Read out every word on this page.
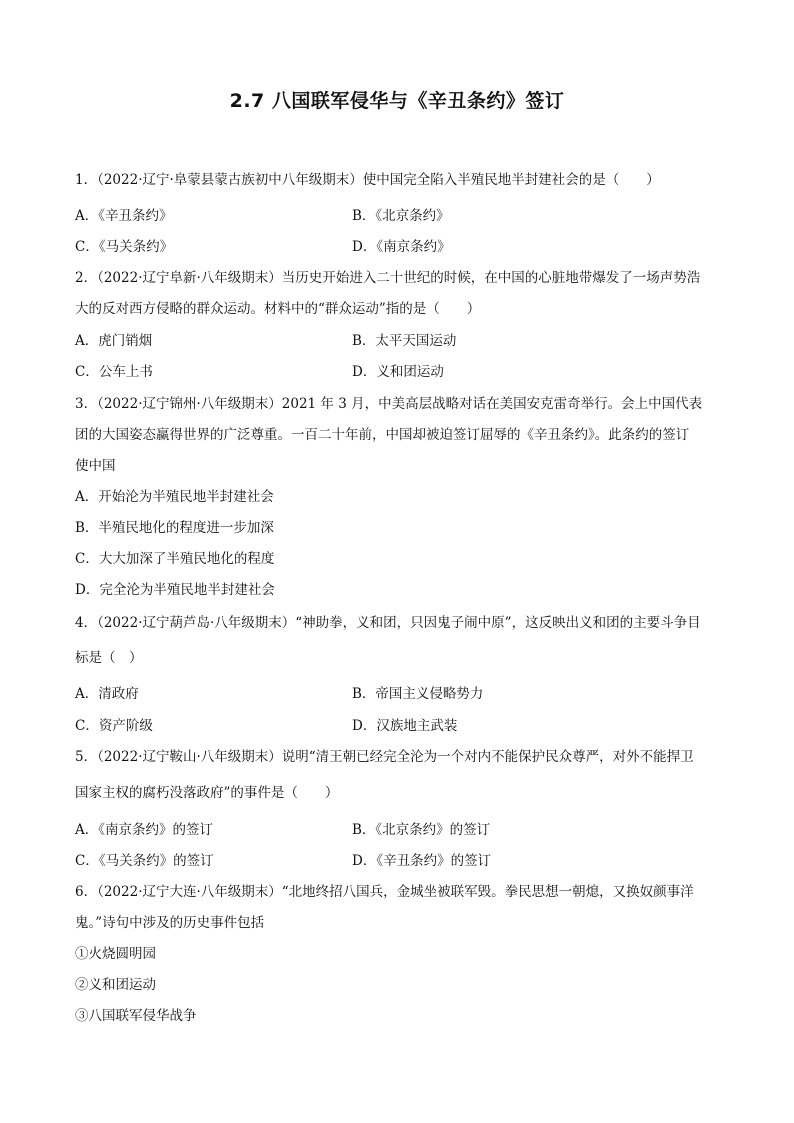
2.7 八国联军侵华与《辛丑条约》签订
1．（2022·辽宁·阜蒙县蒙古族初中八年级期末）使中国完全陷入半殖民地半封建社会的是（　　）
A．《辛丑条约》	B．《北京条约》
C．《马关条约》	D．《南京条约》
2．（2022·辽宁阜新·八年级期末）当历史开始进入二十世纪的时候，在中国的心脏地带爆发了一场声势浩
大的反对西方侵略的群众运动。材料中的“群众运动”指的是（　　）
A．虎门销烟	B．太平天国运动
C．公车上书	D．义和团运动
3．（2022·辽宁锦州·八年级期末）2021 年 3 月，中美高层战略对话在美国安克雷奇举行。会上中国代表
团的大国姿态赢得世界的广泛尊重。一百二十年前，中国却被迫签订屈辱的《辛丑条约》。此条约的签订
使中国
A．开始沦为半殖民地半封建社会
B．半殖民地化的程度进一步加深
C．大大加深了半殖民地化的程度
D．完全沦为半殖民地半封建社会
4．（2022·辽宁葫芦岛·八年级期末）“神助拳，义和团，只因鬼子闹中原”，这反映出义和团的主要斗争目
标是（　）
A．清政府	B．帝国主义侵略势力
C．资产阶级	D．汉族地主武装
5．（2022·辽宁鞍山·八年级期末）说明“清王朝已经完全沦为一个对内不能保护民众尊严，对外不能捍卫
国家主权的腐朽没落政府”的事件是（　　）
A．《南京条约》的签订	B．《北京条约》的签订
C．《马关条约》的签订	D．《辛丑条约》的签订
6．（2022·辽宁大连·八年级期末）“北地终招八国兵，金城坐被联军毁。拳民思想一朝熄，又换奴颜事洋
鬼。”诗句中涉及的历史事件包括
①火烧圆明园
②义和团运动
③八国联军侵华战争
